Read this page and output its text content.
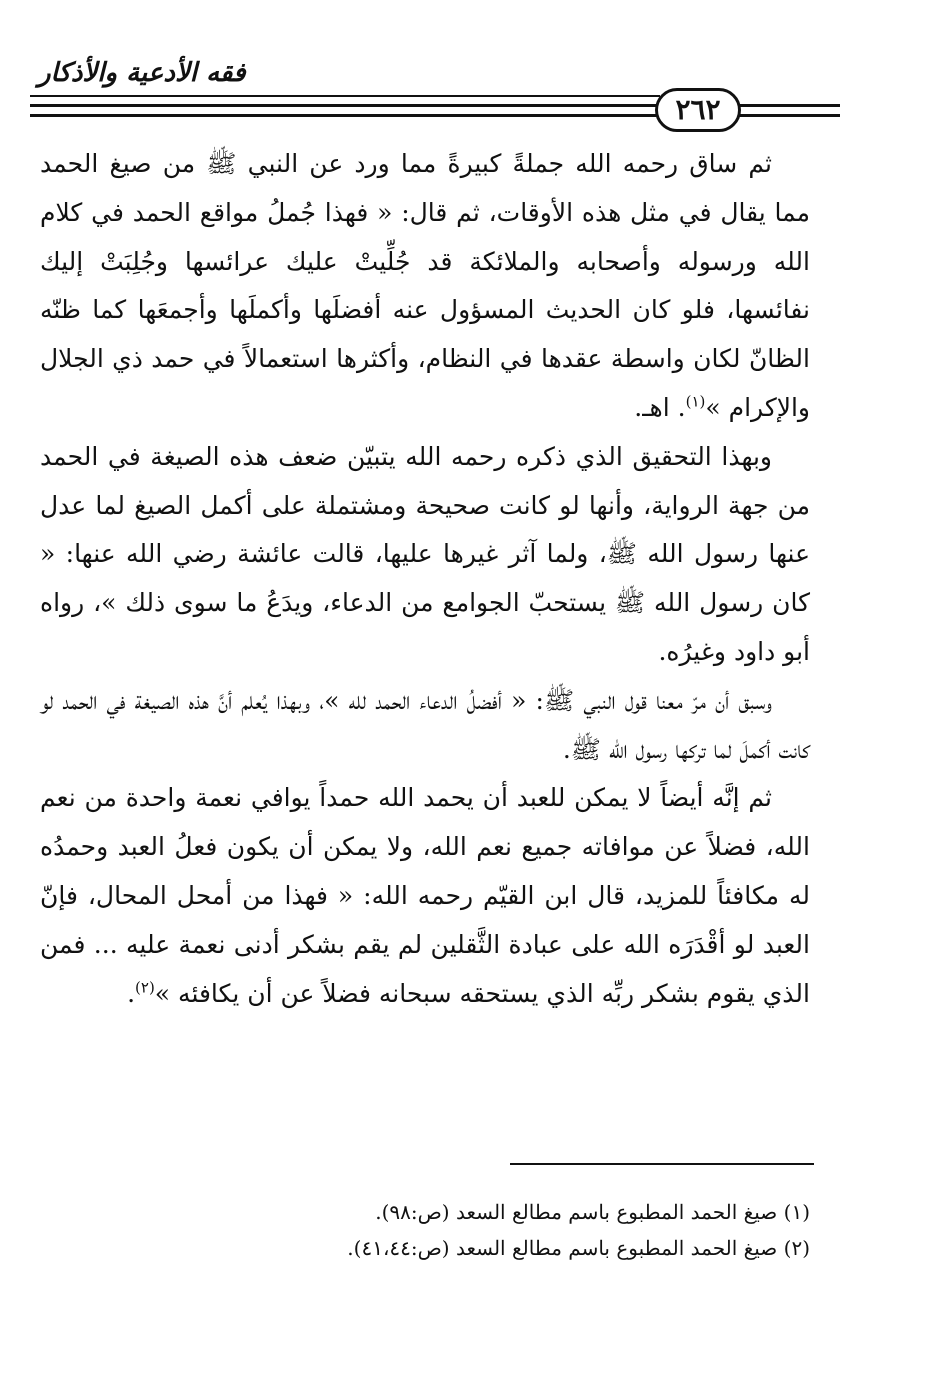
فقه الأدعية والأذكار
٢٦٢

ثم ساق رحمه الله جملةً كبيرةً مما ورد عن النبي ﷺ من صيغ الحمد مما يقال في مثل هذه الأوقات، ثم قال: « فهذا جُملُ مواقع الحمد في كلام الله ورسوله وأصحابه والملائكة قد جُلِّيتْ عليك عرائسها وجُلِبَتْ إليك نفائسها، فلو كان الحديث المسؤول عنه أفضلَها وأكملَها وأجمعَها كما ظنّه الظانّ لكان واسطة عقدها في النظام، وأكثرها استعمالاً في حمد ذي الجلال والإكرام »$^{(١)}$. اهـ.

وبهذا التحقيق الذي ذكره رحمه الله يتبيّن ضعف هذه الصيغة في الحمد من جهة الرواية، وأنها لو كانت صحيحة ومشتملة على أكمل الصيغ لما عدل عنها رسول الله ﷺ، ولما آثر غيرها عليها، قالت عائشة رضي الله عنها: « كان رسول الله ﷺ يستحبّ الجوامع من الدعاء، ويدَعُ ما سوى ذلك »، رواه أبو داود وغيرُه.

وسبق أن مرّ معنا قول النبي ﷺ: « أفضلُ الدعاء الحمد لله »، وبهذا يُعلم أنَّ هذه الصيغة في الحمد لو كانت أكملَ لما تركها رسول الله ﷺ.

ثم إنَّه أيضاً لا يمكن للعبد أن يحمد الله حمداً يوافي نعمة واحدة من نعم الله، فضلاً عن موافاته جميع نعم الله، ولا يمكن أن يكون فعلُ العبد وحمدُه له مكافئاً للمزيد، قال ابن القيّم رحمه الله: « فهذا من أمحل المحال، فإنّ العبد لو أقْدَرَه الله على عبادة الثَّقلين لم يقم بشكر أدنى نعمة عليه ... فمن الذي يقوم بشكر ربِّه الذي يستحقه سبحانه فضلاً عن أن يكافئه »$^{(٢)}$.

(١) صيغ الحمد المطبوع باسم مطالع السعد (ص:٩٨).
(٢) صيغ الحمد المطبوع باسم مطالع السعد (ص:٤١،٤٤).
